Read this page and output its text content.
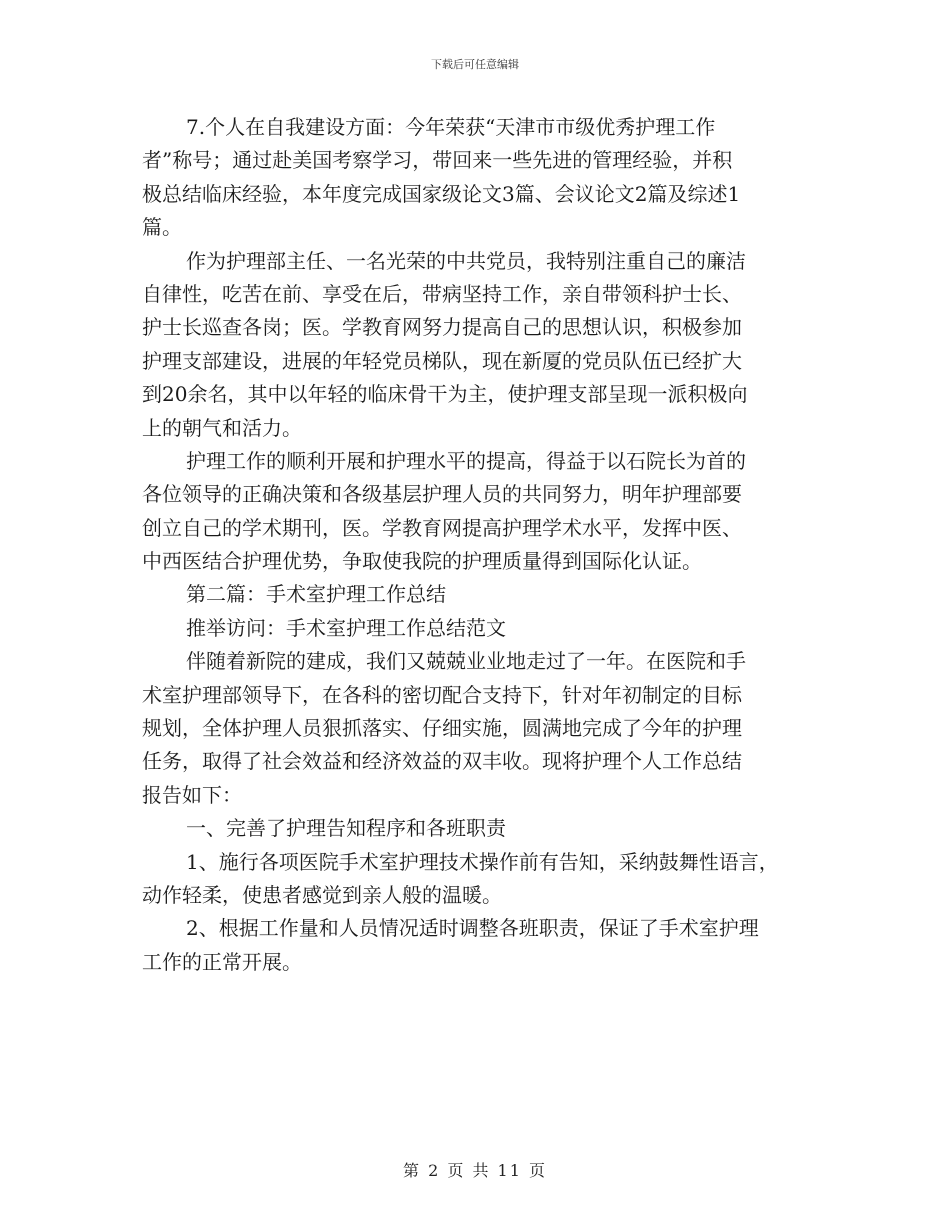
下载后可任意编辑
7.个人在自我建设方面：今年荣获“天津市市级优秀护理工作
者”称号；通过赴美国考察学习，带回来一些先进的管理经验，并积
极总结临床经验，本年度完成国家级论文3篇、会议论文2篇及综述1
篇。
作为护理部主任、一名光荣的中共党员，我特别注重自己的廉洁
自律性，吃苦在前、享受在后，带病坚持工作，亲自带领科护士长、
护士长巡查各岗；医。学教育网努力提高自己的思想认识，积极参加
护理支部建设，进展的年轻党员梯队，现在新厦的党员队伍已经扩大
到20余名，其中以年轻的临床骨干为主，使护理支部呈现一派积极向
上的朝气和活力。
护理工作的顺利开展和护理水平的提高，得益于以石院长为首的
各位领导的正确决策和各级基层护理人员的共同努力，明年护理部要
创立自己的学术期刊，医。学教育网提高护理学术水平，发挥中医、
中西医结合护理优势，争取使我院的护理质量得到国际化认证。
第二篇：手术室护理工作总结
推举访问：手术室护理工作总结范文
伴随着新院的建成，我们又兢兢业业地走过了一年。在医院和手
术室护理部领导下，在各科的密切配合支持下，针对年初制定的目标
规划，全体护理人员狠抓落实、仔细实施，圆满地完成了今年的护理
任务，取得了社会效益和经济效益的双丰收。现将护理个人工作总结
报告如下：
一、完善了护理告知程序和各班职责
1、施行各项医院手术室护理技术操作前有告知，采纳鼓舞性语言，
动作轻柔，使患者感觉到亲人般的温暖。
2、根据工作量和人员情况适时调整各班职责，保证了手术室护理
工作的正常开展。
第 2 页 共 11 页
